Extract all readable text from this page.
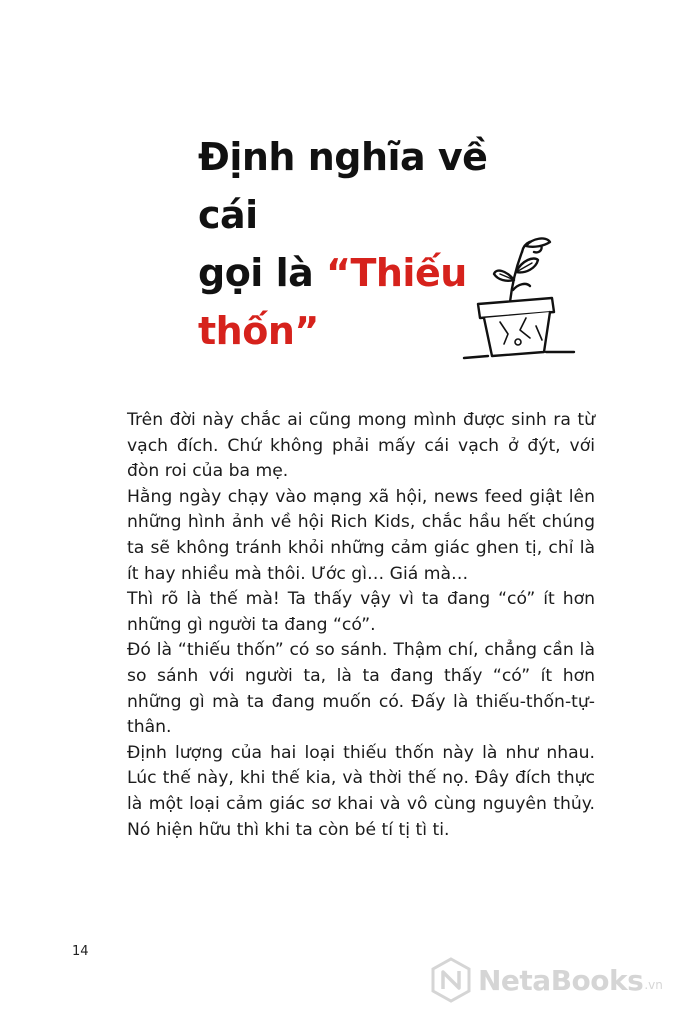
Định nghĩa về cái
gọi là “Thiếu thốn”

Trên đời này chắc ai cũng mong mình được sinh ra từ vạch đích. Chứ không phải mấy cái vạch ở đýt, với đòn roi của ba mẹ.

Hằng ngày chạy vào mạng xã hội, news feed giật lên những hình ảnh về hội Rich Kids, chắc hầu hết chúng ta sẽ không tránh khỏi những cảm giác ghen tị, chỉ là ít hay nhiều mà thôi. Ước gì… Giá mà…

Thì rõ là thế mà! Ta thấy vậy vì ta đang “có” ít hơn những gì người ta đang “có”.

Đó là “thiếu thốn” có so sánh. Thậm chí, chẳng cần là so sánh với người ta, là ta đang thấy “có” ít hơn những gì mà ta đang muốn có. Đấy là thiếu-thốn-tự-thân.

Định lượng của hai loại thiếu thốn này là như nhau. Lúc thế này, khi thế kia, và thời thế nọ. Đây đích thực là một loại cảm giác sơ khai và vô cùng nguyên thủy. Nó hiện hữu thì khi ta còn bé tí tị tì ti.

14
NetaBooks .vn
